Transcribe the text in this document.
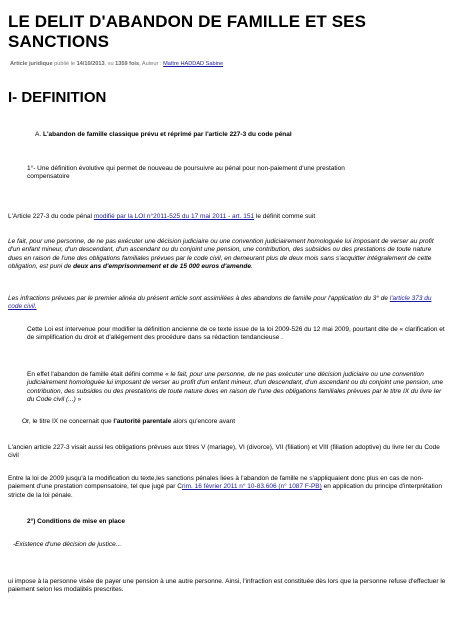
LE DELIT D'ABANDON DE FAMILLE ET SES SANCTIONS
Article juridique publié le 14/10/2013, vu 1359 fois, Auteur : Maître HADDAD Sabine
I- DEFINITION

A. L'abandon de famille classique prévu et réprimé par l'article 227-3 du code pénal

1°- Une définition évolutive qui permet de nouveau de poursuivre au pénal pour non-paiement d'une prestation compensatoire

L'Article 227-3 du code pénal modifié par la LOI n°2011-525 du 17 mai 2011 - art. 151 le définit comme suit

Le fait, pour une personne, de ne pas exécuter une décision judiciaire ou une convention judiciairement homologuée lui imposant de verser au profit d'un enfant mineur, d'un descendant, d'un ascendant ou du conjoint une pension, une contribution, des subsides ou des prestations de toute nature dues en raison de l'une des obligations familiales prévues par le code civil, en demeurant plus de deux mois sans s'acquitter intégralement de cette obligation, est puni de deux ans d'emprisonnement et de 15 000 euros d'amende.

Les infractions prévues par le premier alinéa du présent article sont assimilées à des abandons de famille pour l'application du 3° de l'article 373 du code civil.

Cette Loi est intervenue pour modifier la définition ancienne de ce texte issue de la loi 2009-526 du 12 mai 2009, pourtant dite de « clarification et de simplification du droit et d'allégement des procédure dans sa rédaction tendancieuse .

En effet l'abandon de famille était défini comme « le fait, pour une personne, de ne pas exécuter une décision judiciaire ou une convention judiciairement homologuée lui imposant de verser au profit d'un enfant mineur, d'un descendant, d'un ascendant ou du conjoint une pension, une contribution, des subsides ou des prestations de toute nature dues en raison de l'une des obligations familiales prévues par le titre IX du livre Ier du Code civil (...) »

Or, le titre IX ne concernait que l'autorité parentale alors qu'encore avant

L'ancien article 227-3 visait aussi les obligations prévues aux titres V (mariage), VI (divorce), VII (filiation) et VIII (filiation adoptive) du livre Ier du Code civil

Entre la loi de 2009 jusqu'à la modification du texte,les sanctions pénales liées à l'abandon de famille ne s'appliquaient donc plus en cas de non-paiement d'une prestation compensatoire, tel que jugé par Crim. 16 février 2011 n° 10-83.606 (n° 1087 F-PB) en application du principe d'interprétation stricte de la loi pénale.

2°) Conditions de mise en place

-Existence d'une décision de justice...

ui impose à la personne visée de payer une pension à une autre personne. Ainsi, l'infraction est constituée dès lors que la personne refuse d'effectuer le paiement selon les modalités prescrites.
